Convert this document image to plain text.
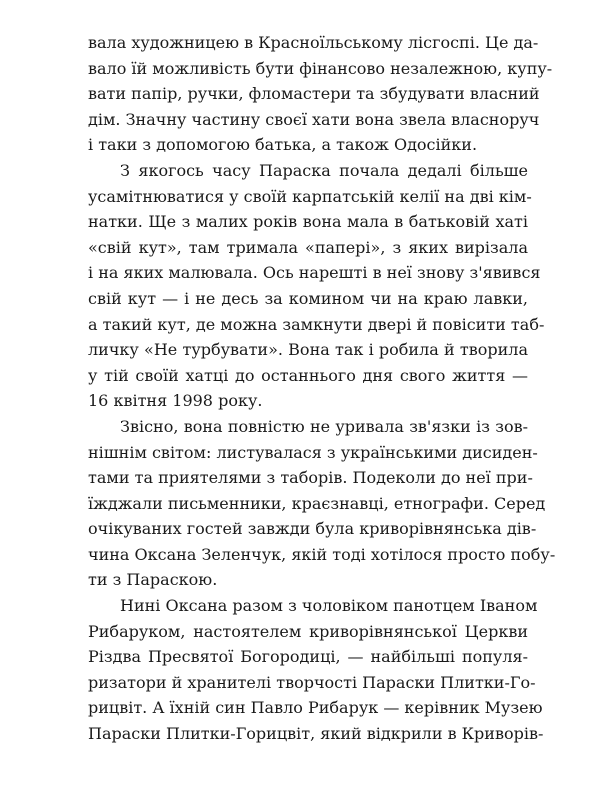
вала художницею в Красноїльському лісгоспі. Це да-
вало їй можливість бути фінансово незалежною, купу-
вати папір, ручки, фломастери та збудувати власний
дім. Значну частину своєї хати вона звела власноруч
і таки з допомогою батька, а також Одосійки.
З якогось часу Параска почала дедалі більше
усамітнюватися у своїй карпатській келії на дві кім-
натки. Ще з малих років вона мала в батьковій хаті
«свій кут», там тримала «папері», з яких вирізала
і на яких малювала. Ось нарешті в неї знову з'явився
свій кут — і не десь за комином чи на краю лавки,
а такий кут, де можна замкнути двері й повісити таб-
личку «Не турбувати». Вона так і робила й творила
у тій своїй хатці до останнього дня свого життя —
16 квітня 1998 року.
Звісно, вона повністю не уривала зв'язки із зов-
нішнім світом: листувалася з українськими дисиден-
тами та приятелями з таборів. Подеколи до неї при-
їжджали письменники, краєзнавці, етнографи. Серед
очікуваних гостей завжди була криворівнянська дів-
чина Оксана Зеленчук, якій тоді хотілося просто побу-
ти з Параскою.
Нині Оксана разом з чоловіком панотцем Іваном
Рибаруком, настоятелем криворівнянської Церкви
Різдва Пресвятої Богородиці, — найбільші популя-
ризатори й хранителі творчості Параски Плитки-Го-
рицвіт. А їхній син Павло Рибарук — керівник Музею
Параски Плитки-Горицвіт, який відкрили в Криворів-
